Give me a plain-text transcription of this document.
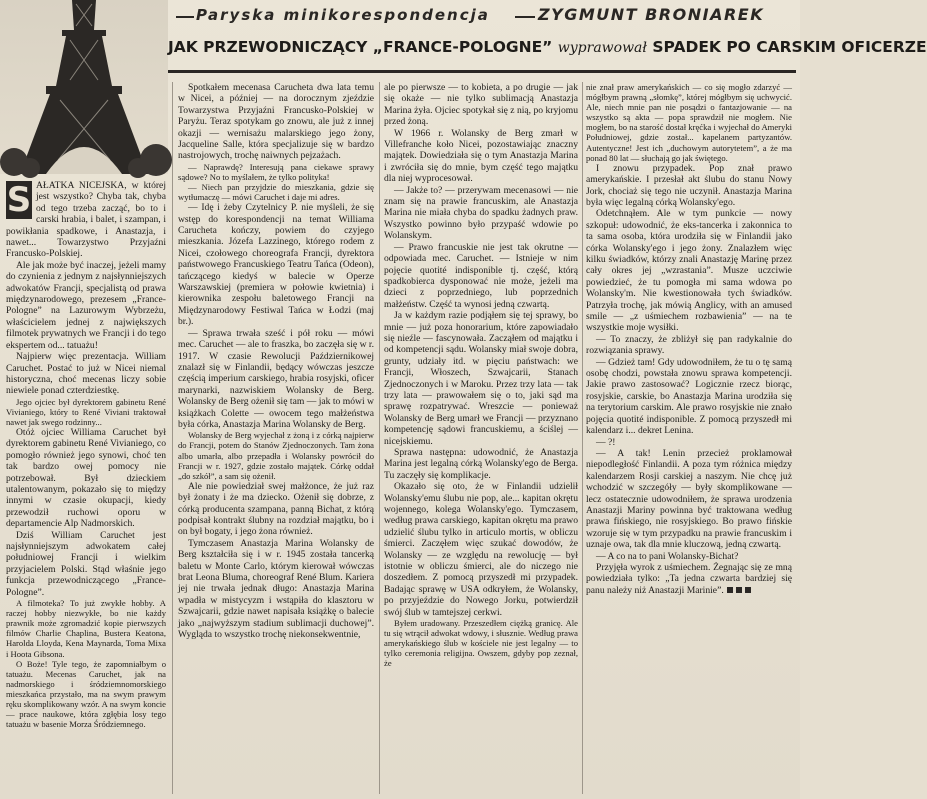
Paryska minikorespondencja	ZYGMUNT BRONIAREK
JAK PRZEWODNICZĄCY „FRANCE-POLOGNE” wyprawował SPADEK PO CARSKIM OFICERZE
S AŁATKA NICEJSKA, w której jest wszystko? Chyba tak, chyba od tego trzeba zacząć, bo to i carski hrabia, i balet, i szampan, i powikłania spadkowe, i Anastazja, i nawet... Towarzystwo Przyjaźni Francusko-Polskiej.

Ale jak może być inaczej, jeżeli mamy do czynienia z jednym z najsłynniejszych adwokatów Francji, specjalistą od prawa międzynarodowego, prezesem „France-Pologne” na Lazurowym Wybrzeżu, właścicielem jednej z największych filmotek prywatnych we Francji i do tego ekspertem od... tatuażu!

Najpierw więc prezentacja. William Caruchet. Postać to już w Nicei niemal historyczna, choć mecenas liczy sobie niewiele ponad czterdziestkę.

Jego ojciec był dyrektorem gabinetu René Vivianiego, który to René Viviani traktował nawet jak swego rodzinny...

Otóż ojciec Williama Caruchet był dyrektorem gabinetu René Vivianiego, co pomogło również jego synowi, choć ten tak bardzo owej pomocy nie potrzebował. Był dzieckiem utalentowanym, pokazało się to między innymi w czasie okupacji, kiedy przewodził ruchowi oporu w departamencie Alp Nadmorskich.

Dziś William Caruchet jest najsłynniejszym adwokatem całej południowej Francji i wielkim przyjacielem Polski. Stąd właśnie jego funkcja przewodniczącego „France-Pologne”.

A filmoteka? To już zwykłe hobby. A raczej hobby niezwykłe, bo nie każdy prawnik może zgromadzić kopie pierwszych filmów Charlie Chaplina, Bustera Keatona, Harolda Lloyda, Kena Maynarda, Toma Mixa i Hoota Gibsona.

O Boże! Tyle tego, że zapomniałbym o tatuażu. Mecenas Caruchet, jak na nadmorskiego i śródziemnomorskiego mieszkańca przystało, ma na swym prawym ręku skomplikowany wzór. A na swym koncie — prace naukowe, która zgłębia losy tego tatuażu w basenie Morza Śródziemnego.

Spotkałem mecenasa Carucheta dwa lata temu w Nicei, a później — na dorocznym zjeździe Towarzystwa Przyjaźni Francusko-Polskiej w Paryżu. Teraz spotykam go znowu, ale już z innej okazji — wernisażu malarskiego jego żony, Jacqueline Salle, która specjalizuje się w bardzo nastrojowych, trochę naiwnych pejzażach.

— Naprawdę? Interesują pana ciekawe sprawy sądowe? No to myślałem, że tylko polityka!

— Niech pan przyjdzie do mieszkania, gdzie się wytłumaczę — mówi Caruchet i daje mi adres.

— Idę i żeby Czytelnicy P. nie myśleli, że się wstęp do korespondencji na temat Williama Carucheta kończy, powiem do czyjego mieszkania. Józefa Lazzinego, którego rodem z Nicei, czołowego choreografa Francji, dyrektora państwowego Francuskiego Teatru Tańca (Odeon), tańczącego kiedyś w balecie w Operze Warszawskiej (premiera w połowie kwietnia) i kierownika zespołu baletowego Francji na Międzynarodowy Festiwal Tańca w Łodzi (maj br.).

— Sprawa trwała sześć i pół roku — mówi mec. Caruchet — ale to fraszka, bo zaczęła się w r. 1917. W czasie Rewolucji Październikowej znalazł się w Finlandii, będący wówczas jeszcze częścią imperium carskiego, hrabia rosyjski, oficer marynarki, nazwiskiem Wolansky de Berg. Wolansky de Berg ożenił się tam — jak to mówi w książkach Colette — owocem tego małżeństwa była córka, Anastazja Marina Wolansky de Berg.

Wolansky de Berg wyjechał z żoną i z córką najpierw do Francji, potem do Stanów Zjednoczonych. Tam żona albo umarła, albo przepadła i Wolansky powrócił do Francji w r. 1927, gdzie zostało majątek. Córkę oddał „do szkół”, a sam się ożenił.

Ale nie powiedział swej małżonce, że już raz był żonaty i że ma dziecko. Ożenił się dobrze, z córką producenta szampana, panną Bichat, z którą podpisał kontrakt ślubny na rozdział majątku, bo i on był bogaty, i jego żona również.

Tymczasem Anastazja Marina Wolansky de Berg kształciła się i w r. 1945 została tancerką baletu w Monte Carlo, którym kierował wówczas brat Leona Bluma, choreograf René Blum. Kariera jej nie trwała jednak długo: Anastazja Marina wpadła w mistycyzm i wstąpiła do klasztoru w Szwajcarii, gdzie nawet napisała książkę o balecie jako „najwyższym stadium sublimacji duchowej”. Wygląda to wszystko trochę niekonsekwentnie,

ale po pierwsze — to kobieta, a po drugie — jak się okaże — nie tylko sublimacją Anastazja Marina żyła. Ojciec spotykał się z nią, po kryjomu przed żoną.

W 1966 r. Wolansky de Berg zmarł w Villefranche koło Nicei, pozostawiając znaczny majątek. Dowiedziała się o tym Anastazja Marina i zwróciła się do mnie, bym część tego majątku dla niej wyprocesował.

— Jakże to? — przerywam mecenasowi — nie znam się na prawie francuskim, ale Anastazja Marina nie miała chyba do spadku żadnych praw. Wszystko powinno było przypaść wdowie po Wolanskym.

— Prawo francuskie nie jest tak okrutne — odpowiada mec. Caruchet. — Istnieje w nim pojęcie quotité indisponible tj. część, którą spadkobierca dysponować nie może, jeżeli ma dzieci z poprzedniego, lub poprzednich małżeństw. Część ta wynosi jedną czwartą.

Ja w każdym razie podjąłem się tej sprawy, bo mnie — już poza honorarium, które zapowiadało się nieźle — fascynowała. Zacząłem od majątku i od kompetencji sądu. Wolansky miał swoje dobra, grunty, udziały itd. w pięciu państwach: we Francji, Włoszech, Szwajcarii, Stanach Zjednoczonych i w Maroku. Przez trzy lata — tak trzy lata — prawowałem się o to, jaki sąd ma sprawę rozpatrywać. Wreszcie — ponieważ Wolansky de Berg umarł we Francji — przyznano kompetencję sądowi francuskiemu, a ściślej — nicejskiemu.

Sprawa następna: udowodnić, że Anastazja Marina jest legalną córką Wolansky'ego de Berga. Tu zaczęły się komplikacje.

Okazało się oto, że w Finlandii udzielił Wolansky'emu ślubu nie pop, ale... kapitan okrętu wojennego, kolega Wolansky'ego. Tymczasem, według prawa carskiego, kapitan okrętu ma prawo udzielić ślubu tylko in articulo mortis, w obliczu śmierci. Zaczęłem więc szukać dowodów, że Wolansky — ze względu na rewolucję — był istotnie w obliczu śmierci, ale do niczego nie doszedłem. Z pomocą przyszedł mi przypadek. Badając sprawę w USA odkryłem, że Wolansky, po przyjeździe do Nowego Jorku, potwierdził swój ślub w tamtejszej cerkwi.

Byłem uradowany. Przeszedłem ciężką granicę. Ale tu się wtrącił adwokat wdowy, i słusznie. Według prawa amerykańskiego ślub w kościele nie jest legalny — to tylko ceremonia religijna. Owszem, gdyby pop zeznał, że

nie znał praw amerykańskich — co się mogło zdarzyć — mógłbym prawną „słomkę”, której mógłbym się uchwycić. Ale, niech mnie pan nie posądzi o fantazjowanie — na wszystko są akta — popa sprawdził nie mogłem. Nie mogłem, bo na starość dostał kręćka i wyjechał do Ameryki Południowej, gdzie został... kapelanem partyzantów. Autentyczne! Jest ich „duchowym autorytetem”, a że ma ponad 80 lat — słuchają go jak świętego.

I znowu przypadek. Pop znał prawo amerykańskie. I przesłał akt ślubu do stanu Nowy Jork, chociaż się tego nie uczynił. Anastazja Marina była więc legalną córką Wolansky'ego.

Odetchnąłem. Ale w tym punkcie — nowy szkopuł: udowodnić, że eks-tancerka i zakonnica to ta sama osoba, która urodziła się w Finlandii jako córka Wolansky'ego i jego żony. Znalazłem więc kilku świadków, którzy znali Anastazję Marinę przez cały okres jej „wzrastania”. Musze uczciwie powiedzieć, że tu pomogła mi sama wdowa po Wolansky'm. Nie kwestionowała tych świadków. Patrzyła trochę, jak mówią Anglicy, with an amused smile — „z uśmiechem rozbawienia” — na te wszystkie moje wysiłki.

— To znaczy, że zbliżył się pan radykalnie do rozwiązania sprawy.

— Gdzież tam! Gdy udowodniłem, że tu o tę samą osobę chodzi, powstała znowu sprawa kompetencji. Jakie prawo zastosować? Logicznie rzecz biorąc, rosyjskie, carskie, bo Anastazja Marina urodziła się na terytorium carskim. Ale prawo rosyjskie nie znało pojęcia quotité indisponible. Z pomocą przyszedł mi kalendarz i... dekret Lenina.

— ?!

— A tak! Lenin przecież proklamował niepodległość Finlandii. A poza tym różnica między kalendarzem Rosji carskiej a naszym. Nie chcę już wchodzić w szczegóły — były skomplikowane — lecz ostatecznie udowodniłem, że sprawa urodzenia Anastazji Mariny powinna być traktowana według prawa fińskiego, nie rosyjskiego. Bo prawo fińskie wzoruje się w tym przypadku na prawie francuskim i uznaje owa, tak dla mnie kluczową, jedną czwartą.

— A co na to pani Wolansky-Bichat?

Przyjęła wyrok z uśmiechem. Żegnając się ze mną powiedziała tylko: „Ta jedna czwarta bardziej się panu należy niż Anastazji Marinie”.
